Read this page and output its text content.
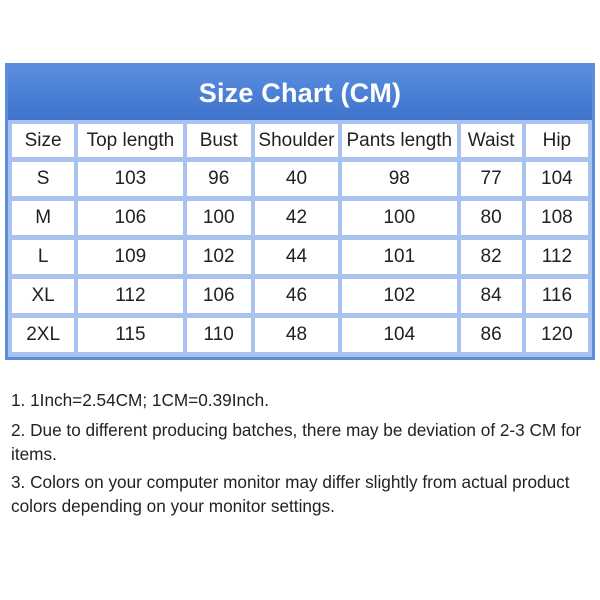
Size Chart (CM)
Size	Top length	Bust	Shoulder	Pants length	Waist	Hip
S	103	96	40	98	77	104
M	106	100	42	100	80	108
L	109	102	44	101	82	112
XL	112	106	46	102	84	116
2XL	115	110	48	104	86	120

1. 1Inch=2.54CM; 1CM=0.39Inch.

2. Due to different producing batches, there may be deviation of 2-3 CM for items.

3. Colors on your computer monitor may differ slightly from actual product colors depending on your monitor settings.
